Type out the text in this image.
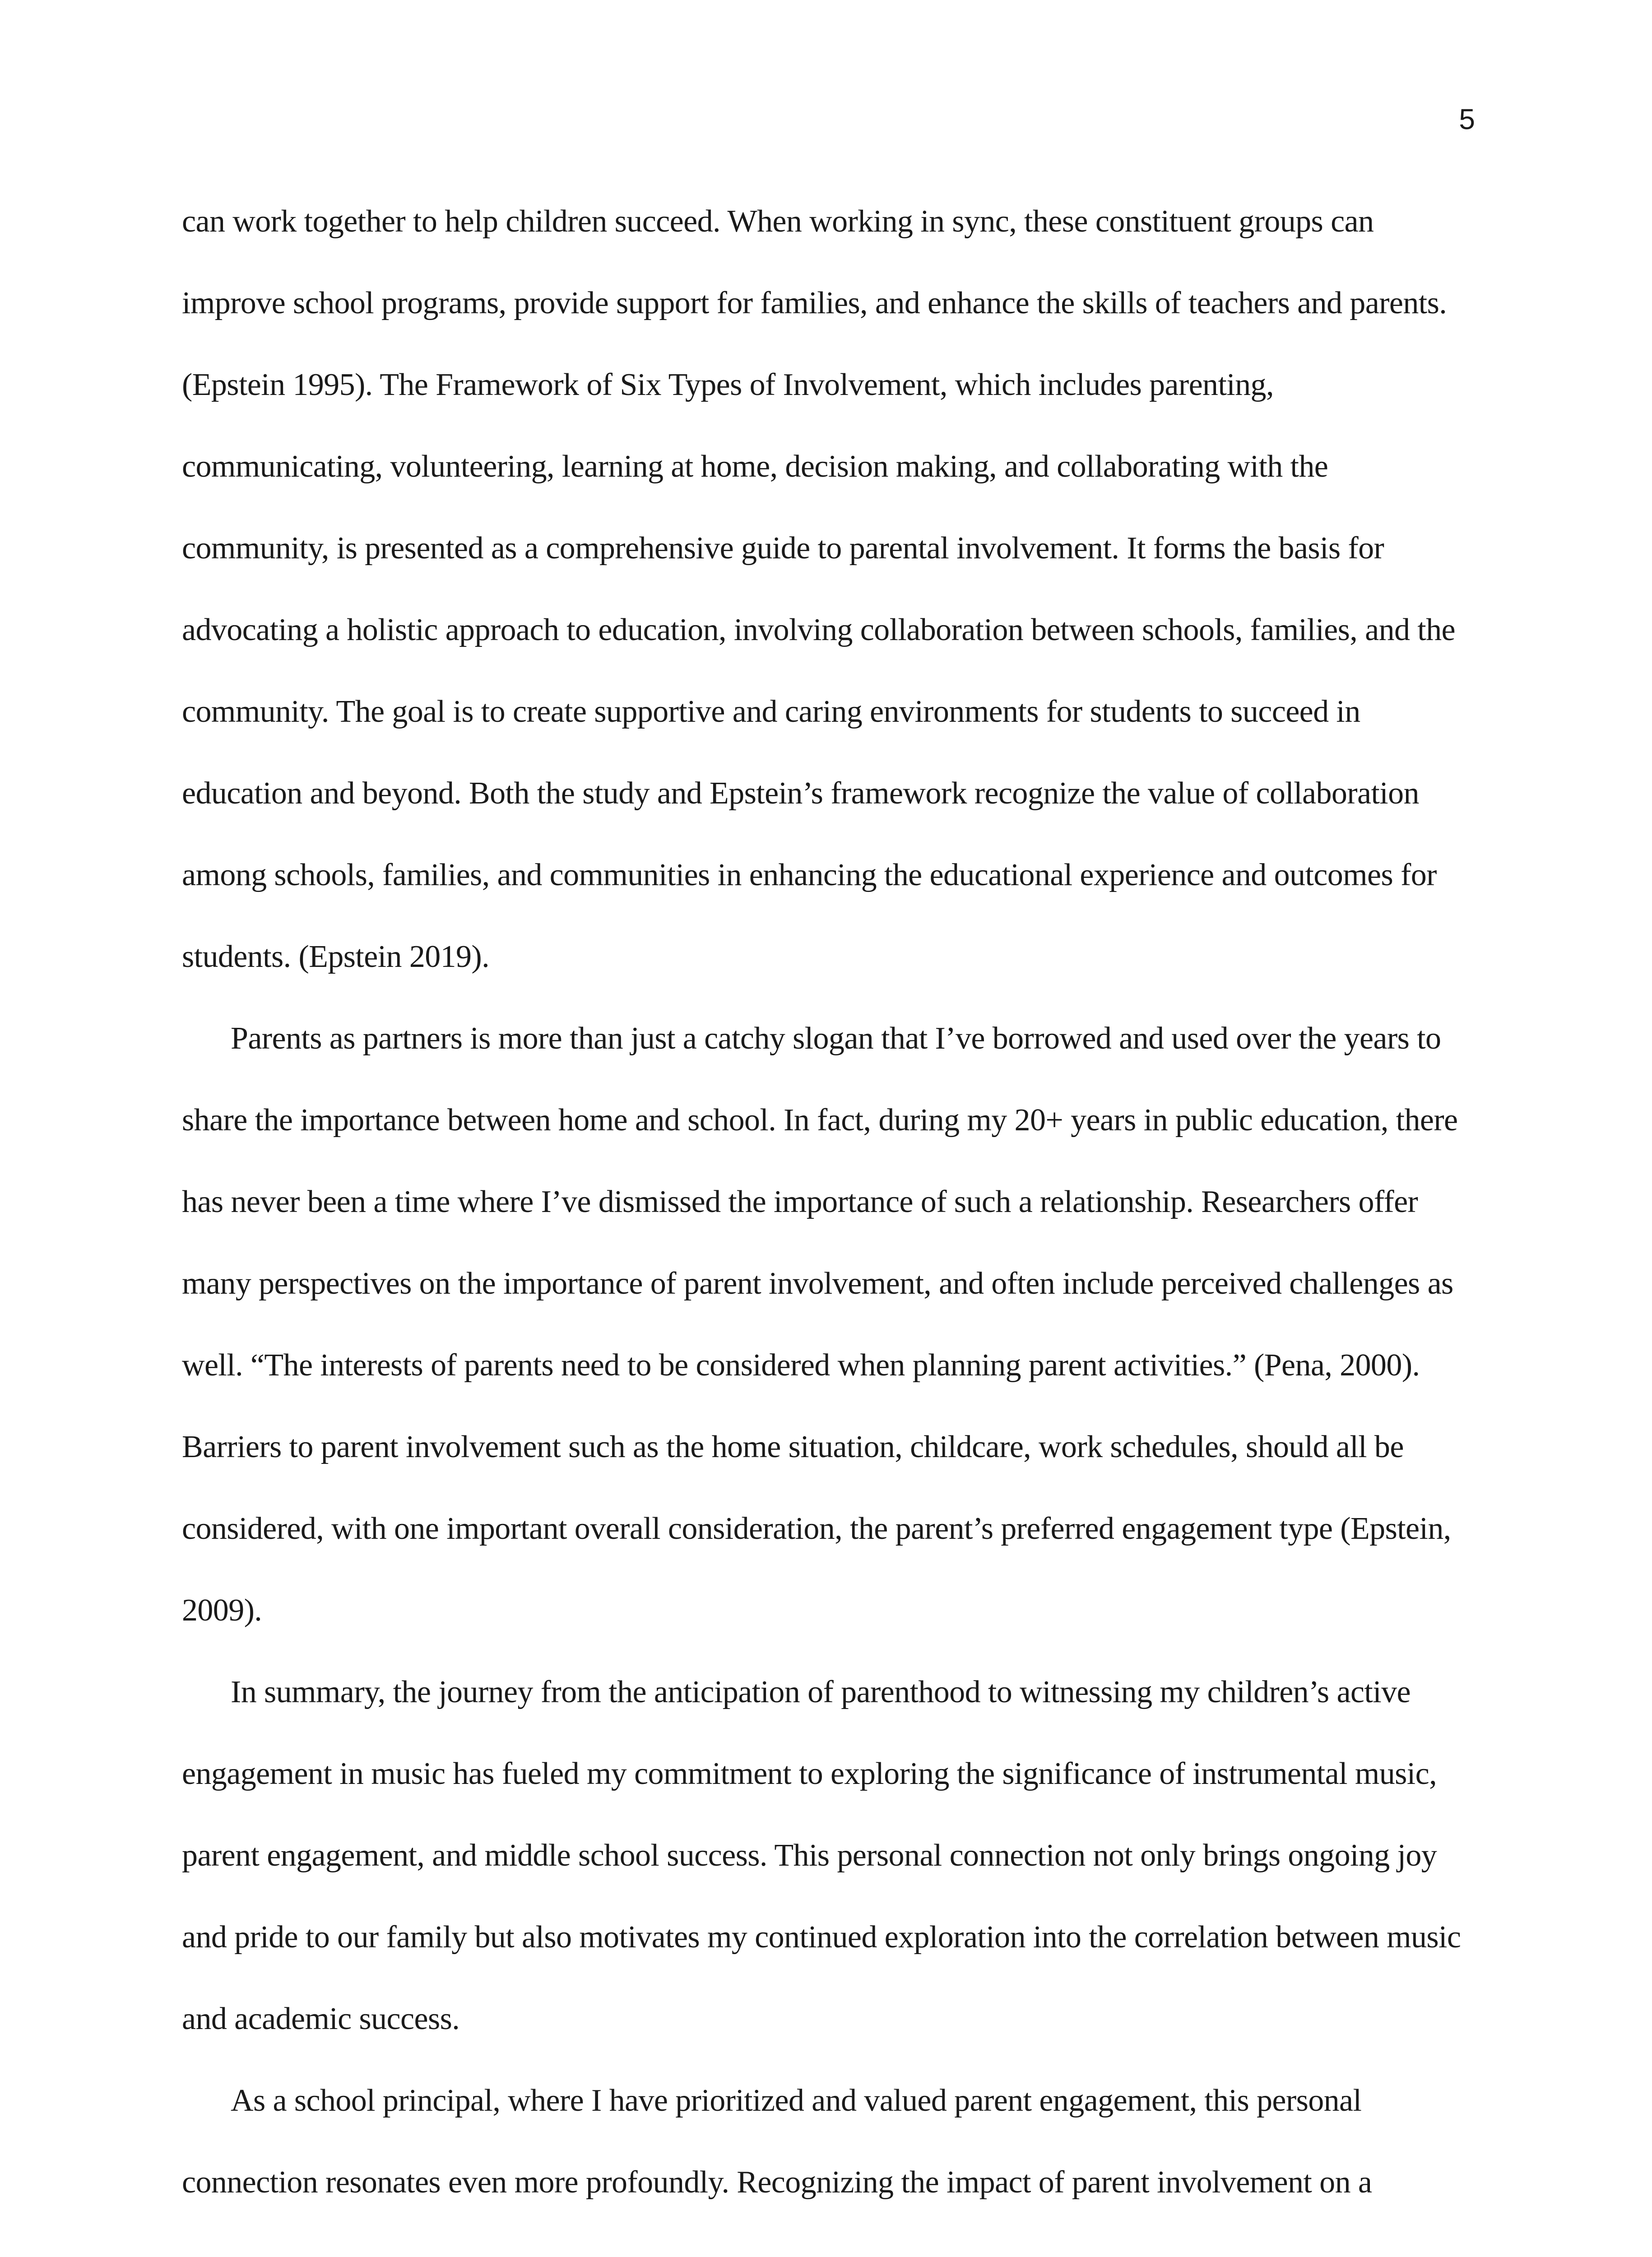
5

can work together to help children succeed. When working in sync, these constituent groups can improve school programs, provide support for families, and enhance the skills of teachers and parents. (Epstein 1995). The Framework of Six Types of Involvement, which includes parenting, communicating, volunteering, learning at home, decision making, and collaborating with the community, is presented as a comprehensive guide to parental involvement. It forms the basis for advocating a holistic approach to education, involving collaboration between schools, families, and the community. The goal is to create supportive and caring environments for students to succeed in education and beyond. Both the study and Epstein’s framework recognize the value of collaboration among schools, families, and communities in enhancing the educational experience and outcomes for students. (Epstein 2019).

Parents as partners is more than just a catchy slogan that I’ve borrowed and used over the years to share the importance between home and school. In fact, during my 20+ years in public education, there has never been a time where I’ve dismissed the importance of such a relationship. Researchers offer many perspectives on the importance of parent involvement, and often include perceived challenges as well. “The interests of parents need to be considered when planning parent activities.” (Pena, 2000). Barriers to parent involvement such as the home situation, childcare, work schedules, should all be considered, with one important overall consideration, the parent’s preferred engagement type (Epstein, 2009).

In summary, the journey from the anticipation of parenthood to witnessing my children’s active engagement in music has fueled my commitment to exploring the significance of instrumental music, parent engagement, and middle school success. This personal connection not only brings ongoing joy and pride to our family but also motivates my continued exploration into the correlation between music and academic success.

As a school principal, where I have prioritized and valued parent engagement, this personal connection resonates even more profoundly. Recognizing the impact of parent involvement on a
